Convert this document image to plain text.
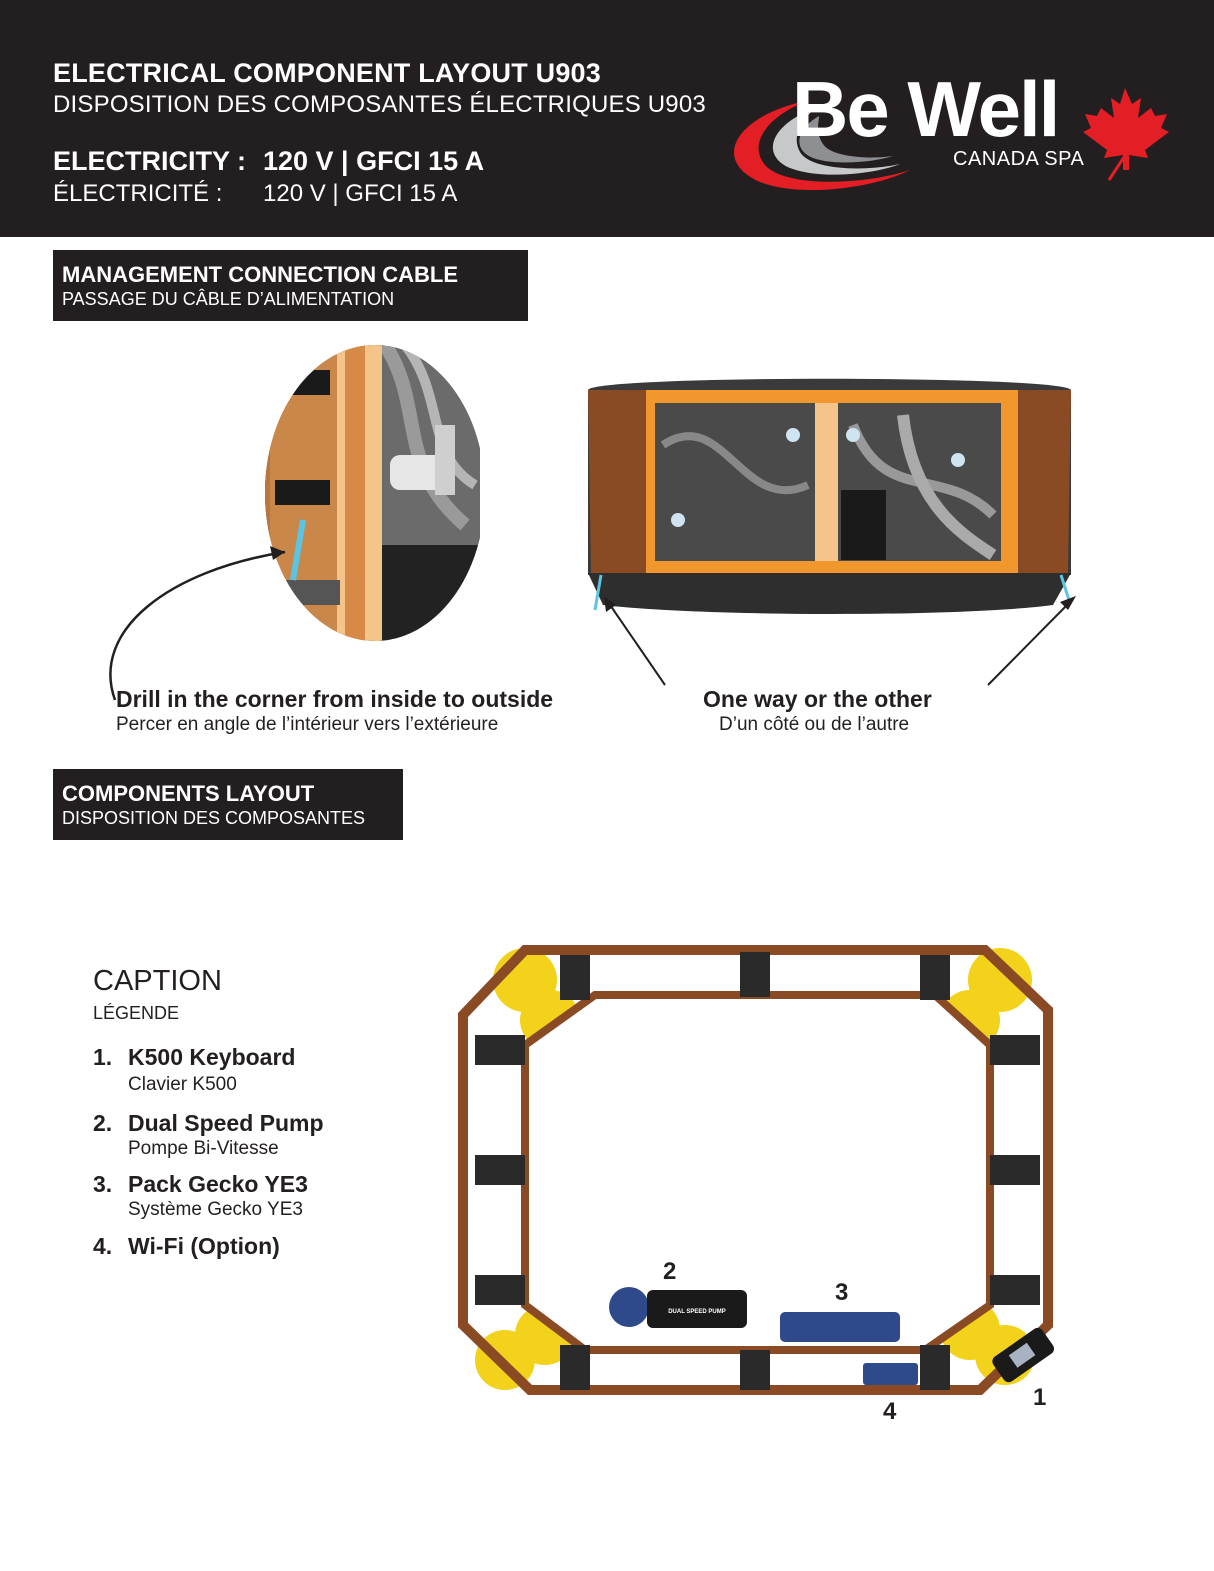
ELECTRICAL COMPONENT LAYOUT U903
DISPOSITION DES COMPOSANTES ÉLECTRIQUES U903
ELECTRICITY : 120 V | GFCI 15 A
ÉLECTRICITÉ : 120 V | GFCI 15 A
Be Well
CANADA SPA
MANAGEMENT CONNECTION CABLE
PASSAGE DU CÂBLE D’ALIMENTATION
Drill in the corner from inside to outside
Percer en angle de l’intérieur vers l’extérieure
One way or the other
D’un côté ou de l’autre
COMPONENTS LAYOUT
DISPOSITION DES COMPOSANTES
CAPTION
LÉGENDE
1. K500 Keyboard
Clavier K500
2. Dual Speed Pump
Pompe Bi-Vitesse
3. Pack Gecko YE3
Système Gecko YE3
4. Wi-Fi (Option)
DUAL SPEED PUMP
2
3
4
1
